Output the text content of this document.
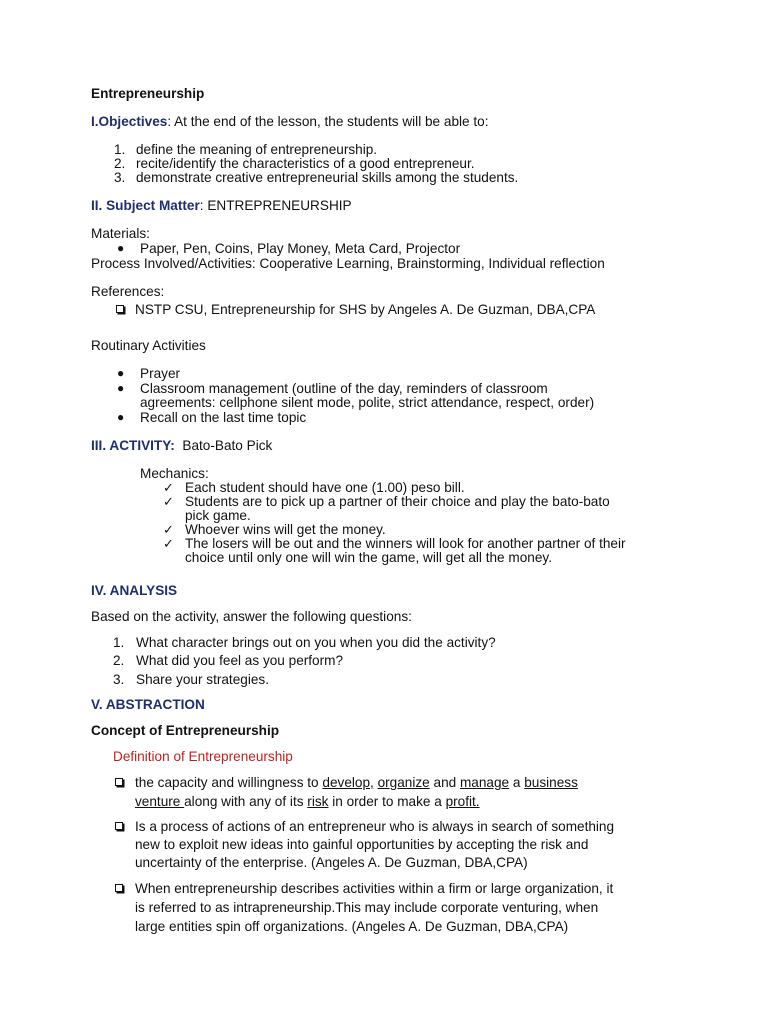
Entrepreneurship
I.Objectives: At the end of the lesson, the students will be able to:
1. define the meaning of entrepreneurship.
2. recite/identify the characteristics of a good entrepreneur.
3. demonstrate creative entrepreneurial skills among the students.
II. Subject Matter: ENTREPRENEURSHIP
Materials:
● Paper, Pen, Coins, Play Money, Meta Card, Projector
Process Involved/Activities: Cooperative Learning, Brainstorming, Individual reflection
References:
NSTP CSU, Entrepreneurship for SHS by Angeles A. De Guzman, DBA,CPA
Routinary Activities
● Prayer
● Classroom management (outline of the day, reminders of classroom
agreements: cellphone silent mode, polite, strict attendance, respect, order)
● Recall on the last time topic
III. ACTIVITY: Bato-Bato Pick
Mechanics:
✓ Each student should have one (1.00) peso bill.
✓ Students are to pick up a partner of their choice and play the bato-bato
pick game.
✓ Whoever wins will get the money.
✓ The losers will be out and the winners will look for another partner of their
choice until only one will win the game, will get all the money.
IV. ANALYSIS
Based on the activity, answer the following questions:
1. What character brings out on you when you did the activity?
2. What did you feel as you perform?
3. Share your strategies.
V. ABSTRACTION
Concept of Entrepreneurship
Definition of Entrepreneurship
the capacity and willingness to develop, organize and manage a business
venture along with any of its risk in order to make a profit.
Is a process of actions of an entrepreneur who is always in search of something
new to exploit new ideas into gainful opportunities by accepting the risk and
uncertainty of the enterprise. (Angeles A. De Guzman, DBA,CPA)
When entrepreneurship describes activities within a firm or large organization, it
is referred to as intrapreneurship.This may include corporate venturing, when
large entities spin off organizations. (Angeles A. De Guzman, DBA,CPA)
